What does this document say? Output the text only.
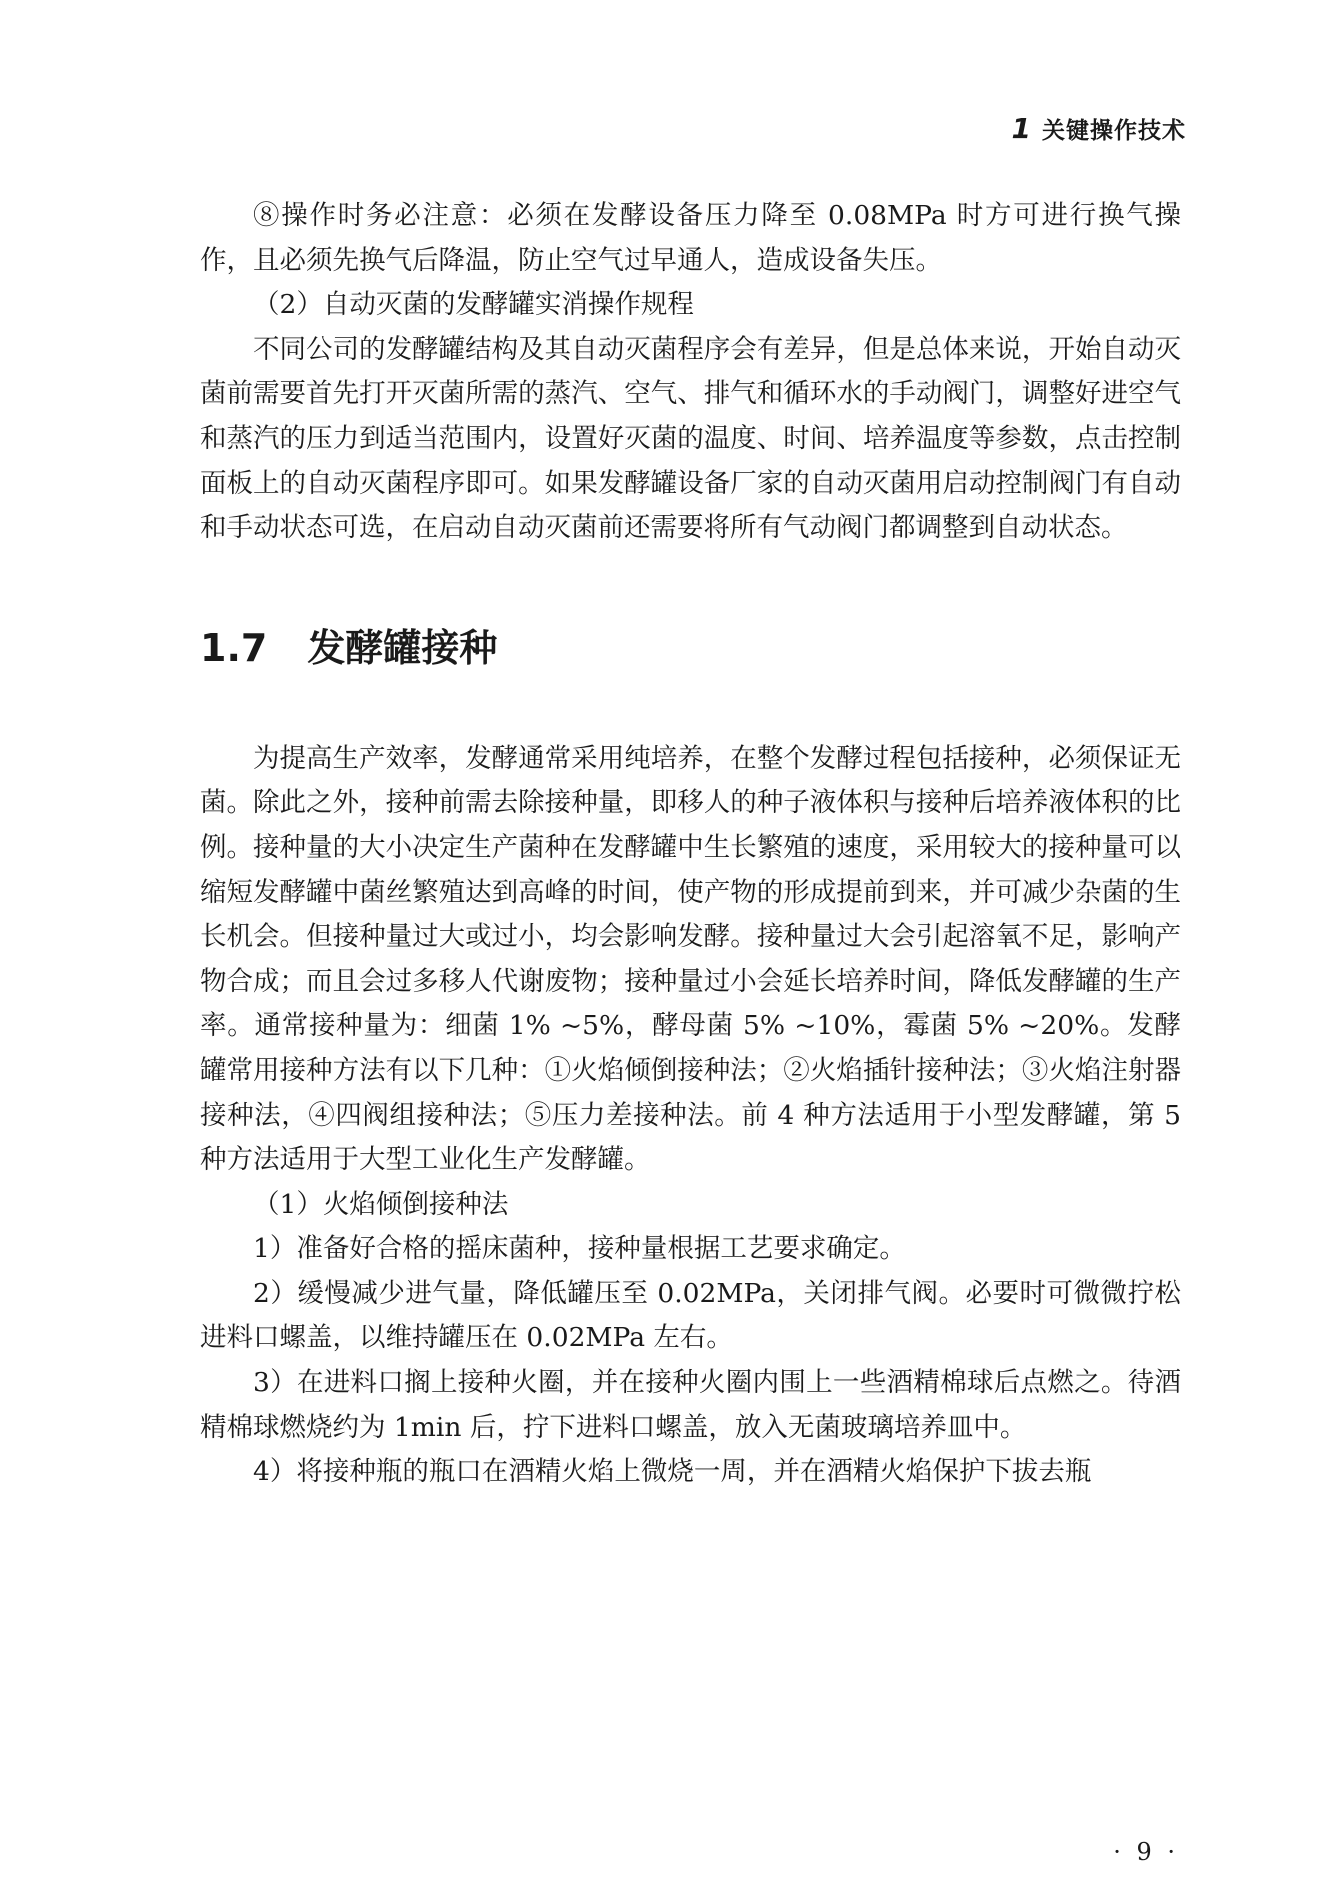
1 关键操作技术

⑧操作时务必注意：必须在发酵设备压力降至 0.08MPa 时方可进行换气操作，且必须先换气后降温，防止空气过早通人，造成设备失压。

（2）自动灭菌的发酵罐实消操作规程

不同公司的发酵罐结构及其自动灭菌程序会有差异，但是总体来说，开始自动灭菌前需要首先打开灭菌所需的蒸汽、空气、排气和循环水的手动阀门，调整好进空气和蒸汽的压力到适当范围内，设置好灭菌的温度、时间、培养温度等参数，点击控制面板上的自动灭菌程序即可。如果发酵罐设备厂家的自动灭菌用启动控制阀门有自动和手动状态可选，在启动自动灭菌前还需要将所有气动阀门都调整到自动状态。

1.7 发酵罐接种

为提高生产效率，发酵通常采用纯培养，在整个发酵过程包括接种，必须保证无菌。除此之外，接种前需去除接种量，即移人的种子液体积与接种后培养液体积的比例。接种量的大小决定生产菌种在发酵罐中生长繁殖的速度，采用较大的接种量可以缩短发酵罐中菌丝繁殖达到高峰的时间，使产物的形成提前到来，并可减少杂菌的生长机会。但接种量过大或过小，均会影响发酵。接种量过大会引起溶氧不足，影响产物合成；而且会过多移人代谢废物；接种量过小会延长培养时间，降低发酵罐的生产率。通常接种量为：细菌 1% ~5%，酵母菌 5% ~10%，霉菌 5% ~20%。发酵罐常用接种方法有以下几种：①火焰倾倒接种法；②火焰插针接种法；③火焰注射器接种法，④四阀组接种法；⑤压力差接种法。前 4 种方法适用于小型发酵罐，第 5 种方法适用于大型工业化生产发酵罐。

（1）火焰倾倒接种法

1）准备好合格的摇床菌种，接种量根据工艺要求确定。

2）缓慢减少进气量，降低罐压至 0.02MPa，关闭排气阀。必要时可微微拧松进料口螺盖，以维持罐压在 0.02MPa 左右。

3）在进料口搁上接种火圈，并在接种火圈内围上一些酒精棉球后点燃之。待酒精棉球燃烧约为 1min 后，拧下进料口螺盖，放入无菌玻璃培养皿中。

4）将接种瓶的瓶口在酒精火焰上微烧一周，并在酒精火焰保护下拔去瓶

· 9 ·
